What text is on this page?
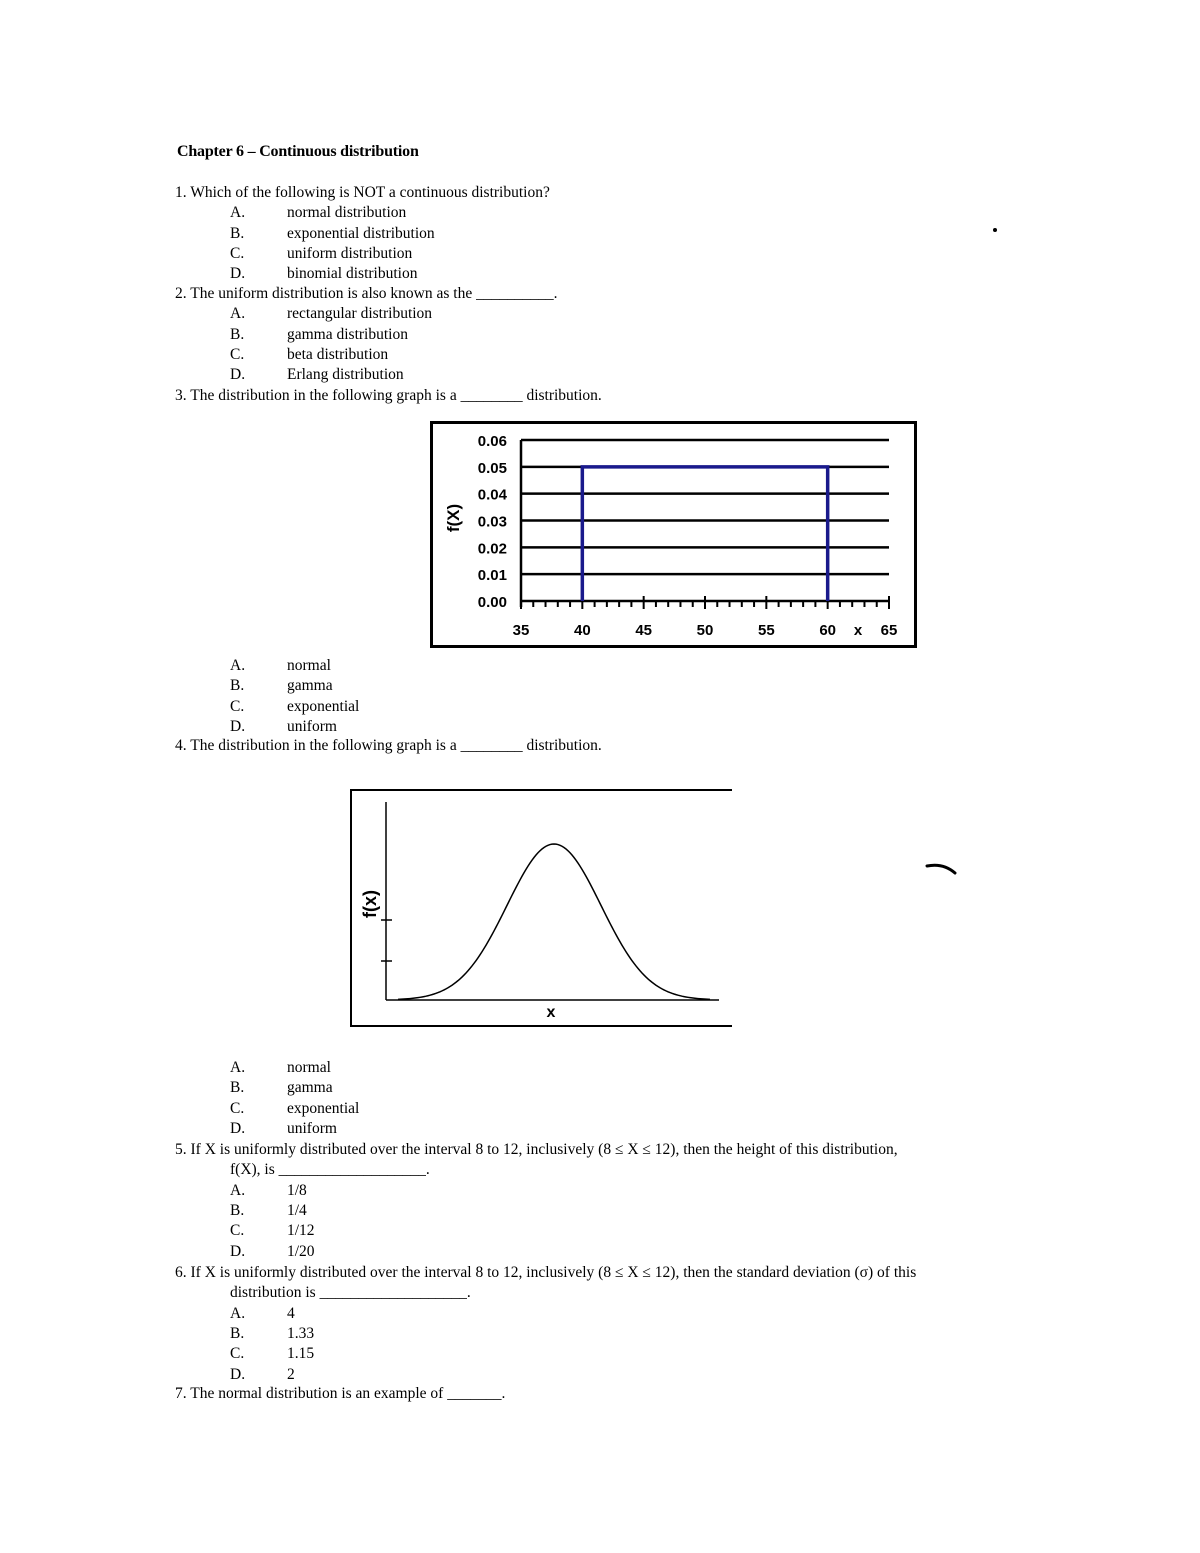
Chapter 6 – Continuous distribution
1. Which of the following is NOT a continuous distribution?
A.	normal distribution
B.	exponential distribution
C.	uniform distribution
D.	binomial distribution
2. The uniform distribution is also known as the __________.
A.	rectangular distribution
B.	gamma distribution
C.	beta distribution
D.	Erlang distribution
3. The distribution in the following graph is a ________ distribution.
A.	normal
B.	gamma
C.	exponential
D.	uniform
4. The distribution in the following graph is a ________ distribution.
A.	normal
B.	gamma
C.	exponential
D.	uniform
5. If X is uniformly distributed over the interval 8 to 12, inclusively (8 ≤ X ≤ 12), then the height of this distribution,
f(X), is ___________________.
A.	1/8
B.	1/4
C.	1/12
D.	1/20
6. If X is uniformly distributed over the interval 8 to 12, inclusively (8 ≤ X ≤ 12), then the standard deviation (σ) of this
distribution is ___________________.
A.	4
B.	1.33
C.	1.15
D.	2
7. The normal distribution is an example of _______.
0.00
0.01
0.02
0.03
0.04
0.05
0.06
35	40	45	50	55	60	65
x
f(X)
x
f(x)
